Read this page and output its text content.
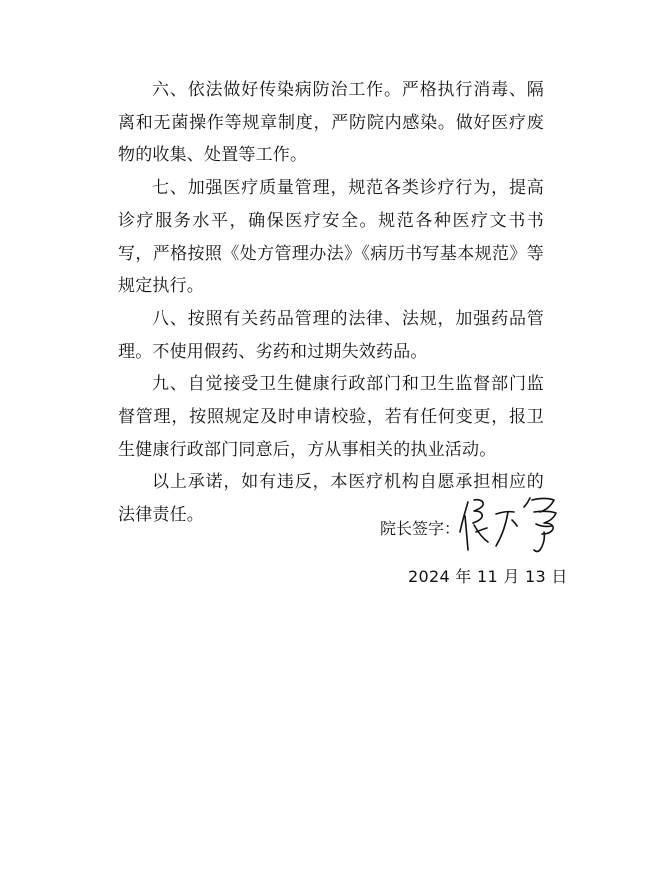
六、依法做好传染病防治工作。严格执行消毒、隔离和无菌操作等规章制度，严防院内感染。做好医疗废物的收集、处置等工作。

七、加强医疗质量管理，规范各类诊疗行为，提高诊疗服务水平，确保医疗安全。规范各种医疗文书书写，严格按照《处方管理办法》《病历书写基本规范》等规定执行。

八、按照有关药品管理的法律、法规，加强药品管理。不使用假药、劣药和过期失效药品。

九、自觉接受卫生健康行政部门和卫生监督部门监督管理，按照规定及时申请校验，若有任何变更，报卫生健康行政部门同意后，方从事相关的执业活动。

以上承诺，如有违反，本医疗机构自愿承担相应的法律责任。

院长签字：
2024 年 11 月 13 日
